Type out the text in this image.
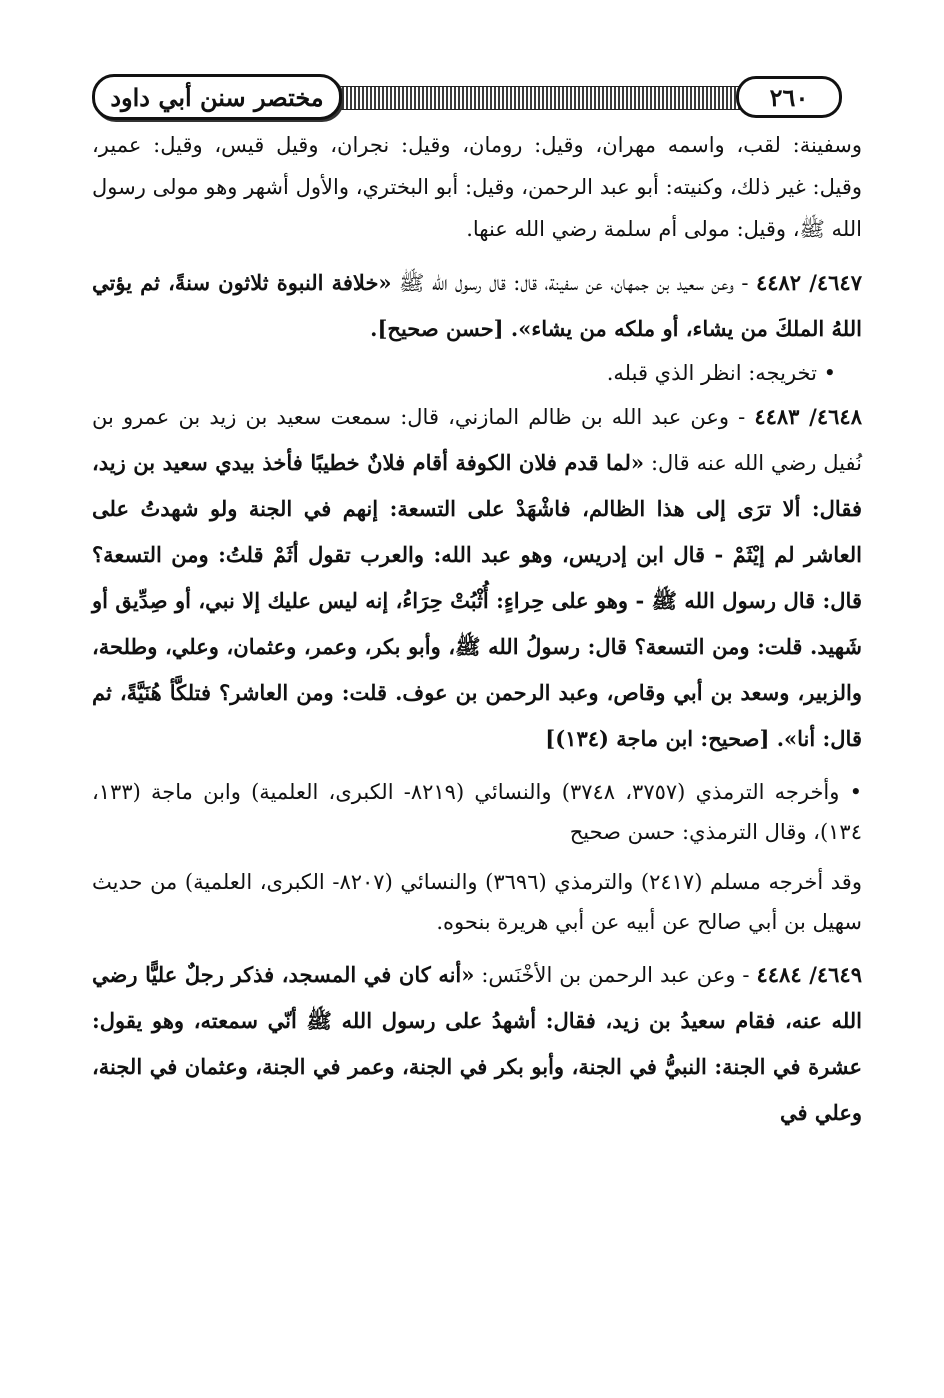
مختصر سنن أبي داود	٢٦٠

وسفينة: لقب، واسمه مهران، وقيل: رومان، وقيل: نجران، وقيل قيس، وقيل: عمير، وقيل: غير ذلك، وكنيته: أبو عبد الرحمن، وقيل: أبو البختري، والأول أشهر وهو مولى رسول الله ﷺ، وقيل: مولى أم سلمة رضي الله عنها.

٤٦٤٧/ ٤٤٨٢ - وعن سعيد بن جمهان، عن سفينة، قال: قال رسول الله ﷺ «خلافة النبوة ثلاثون سنةً، ثم يؤتي اللهُ الملكَ من يشاء، أو ملكه من يشاء». [حسن صحيح].

• تخريجه: انظر الذي قبله.

٤٦٤٨/ ٤٤٨٣ - وعن عبد الله بن ظالم المازني، قال: سمعت سعيد بن زيد بن عمرو بن نُفيل رضي الله عنه قال: «لما قدم فلان الكوفة أقام فلانٌ خطيبًا فأخذ بيدي سعيد بن زيد، فقال: ألا ترَى إلى هذا الظالم، فاشْهَدْ على التسعة: إنهم في الجنة ولو شهدتُ على العاشر لم إيْثَمْ - قال ابن إدريس، وهو عبد الله: والعرب تقول أثَمْ قلتُ: ومن التسعة؟ قال: قال رسول الله ﷺ - وهو على حِراءٍ: أُثْبُتْ حِرَاءُ، إنه ليس عليك إلا نبي، أو صِدِّيق أو شَهيد. قلت: ومن التسعة؟ قال: رسولُ الله ﷺ، وأبو بكر، وعمر، وعثمان، وعلي، وطلحة، والزبير، وسعد بن أبي وقاص، وعبد الرحمن بن عوف. قلت: ومن العاشر؟ فتلكَّأ هُنَيَّةً، ثم قال: أنا». [صحيح: ابن ماجة (١٣٤)]

• وأخرجه الترمذي (٣٧٥٧، ٣٧٤٨) والنسائي (٨٢١٩- الكبرى، العلمية) وابن ماجة (١٣٣، ١٣٤)، وقال الترمذي: حسن صحيح

وقد أخرجه مسلم (٢٤١٧) والترمذي (٣٦٩٦) والنسائي (٨٢٠٧- الكبرى، العلمية) من حديث سهيل بن أبي صالح عن أبيه عن أبي هريرة بنحوه.

٤٦٤٩/ ٤٤٨٤ - وعن عبد الرحمن بن الأخْنَس: «أنه كان في المسجد، فذكر رجلٌ عليًّا رضي الله عنه، فقام سعيدُ بن زيد، فقال: أشهدُ على رسول الله ﷺ أنّي سمعته، وهو يقول: عشرة في الجنة: النبيُّ في الجنة، وأبو بكر في الجنة، وعمر في الجنة، وعثمان في الجنة، وعلي في
